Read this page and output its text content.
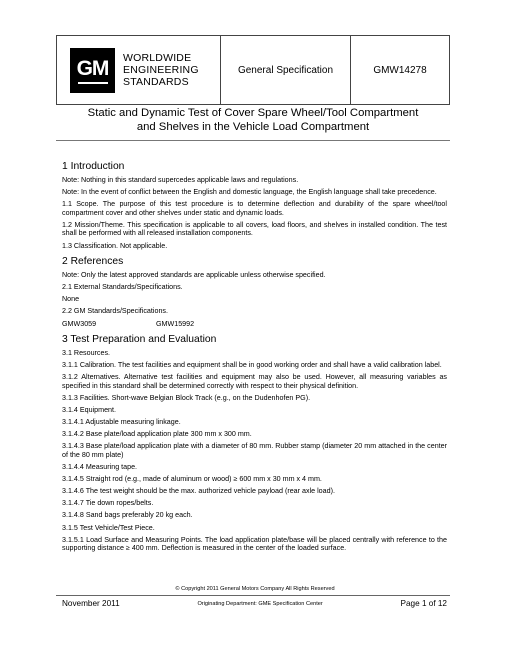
GM WORLDWIDE
ENGINEERING
STANDARDS
General Specification	GMW14278
Static and Dynamic Test of Cover Spare Wheel/Tool Compartment
and Shelves in the Vehicle Load Compartment
1 Introduction

Note: Nothing in this standard supercedes applicable laws and regulations.

Note: In the event of conflict between the English and domestic language, the English language shall take precedence.

1.1 Scope. The purpose of this test procedure is to determine deflection and durability of the spare wheel/tool compartment cover and other shelves under static and dynamic loads.

1.2 Mission/Theme. This specification is applicable to all covers, load floors, and shelves in installed condition. The test shall be performed with all released installation components.

1.3 Classification. Not applicable.

2 References

Note: Only the latest approved standards are applicable unless otherwise specified.

2.1 External Standards/Specifications.

None

2.2 GM Standards/Specifications.

GMW3059	GMW15992
3 Test Preparation and Evaluation

3.1 Resources.

3.1.1 Calibration. The test facilities and equipment shall be in good working order and shall have a valid calibration label.

3.1.2 Alternatives. Alternative test facilities and equipment may also be used. However, all measuring variables as specified in this standard shall be determined correctly with respect to their physical definition.

3.1.3 Facilities. Short-wave Belgian Block Track (e.g., on the Dudenhofen PG).

3.1.4 Equipment.

3.1.4.1 Adjustable measuring linkage.

3.1.4.2 Base plate/load application plate 300 mm x 300 mm.

3.1.4.3 Base plate/load application plate with a diameter of 80 mm. Rubber stamp (diameter 20 mm attached in the center of the 80 mm plate)

3.1.4.4 Measuring tape.

3.1.4.5 Straight rod (e.g., made of aluminum or wood) ≥ 600 mm x 30 mm x 4 mm.

3.1.4.6 The test weight should be the max. authorized vehicle payload (rear axle load).

3.1.4.7 Tie down ropes/belts.

3.1.4.8 Sand bags preferably 20 kg each.

3.1.5 Test Vehicle/Test Piece.

3.1.5.1 Load Surface and Measuring Points. The load application plate/base will be placed centrally with reference to the supporting distance ≥ 400 mm. Deflection is measured in the center of the loaded surface.

© Copyright 2011 General Motors Company All Rights Reserved
November 2011	Originating Department: GME Specification Center	Page 1 of 12
